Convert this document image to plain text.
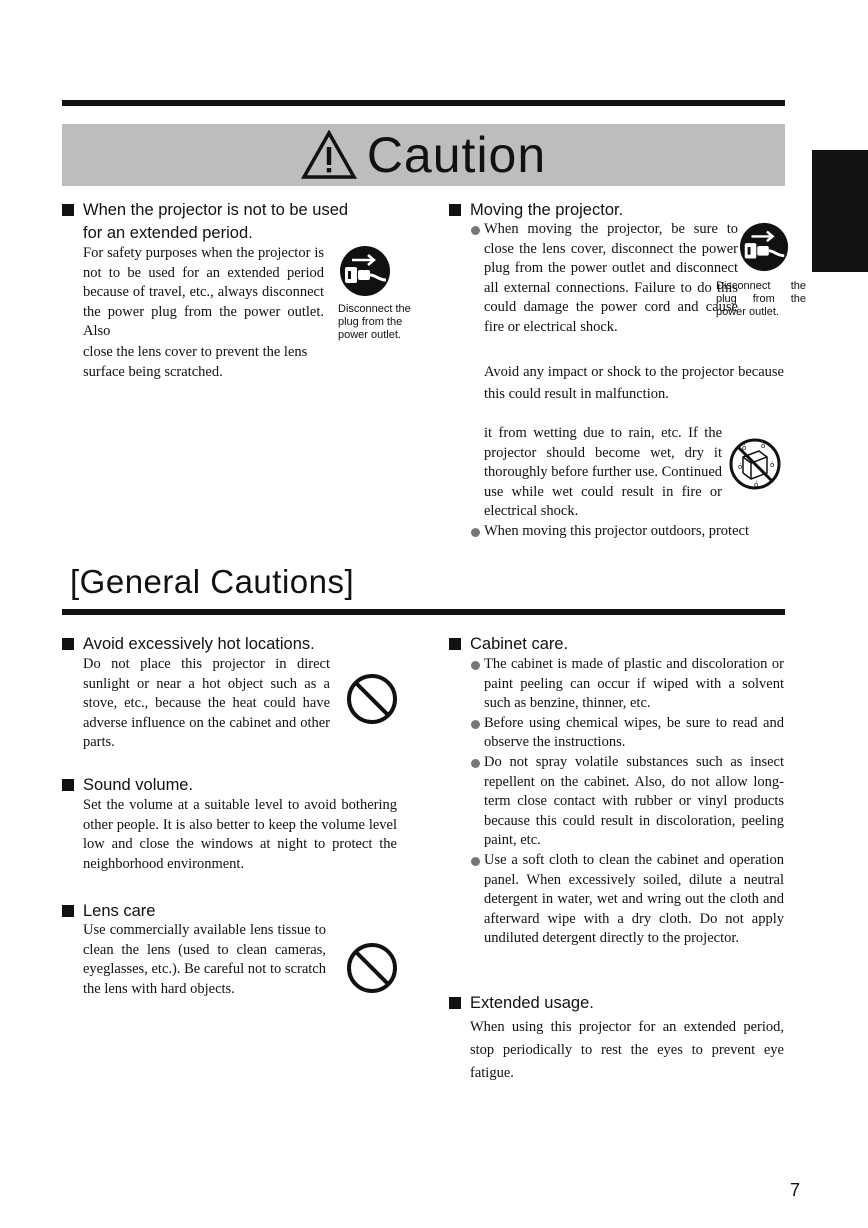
Caution
When the projector is not to be used
for an extended period.
For safety purposes when the projector is not to be used for an extended period because of travel, etc., always disconnect the power plug from the power outlet. Also
close the lens cover to prevent the lens surface being scratched.
Disconnect the plug from the power outlet.
Moving the projector.
When moving the projector, be sure to close the lens cover, disconnect the power plug from the power outlet and disconnect all external connections. Failure to do this could damage the power cord and cause fire or electrical shock.
Disconnect the plug from the power outlet.
Avoid any impact or shock to the projector because this could result in malfunction.
When moving this projector outdoors, protect
it from wetting due to rain, etc. If the projector should become wet, dry it thoroughly before further use. Continued use while wet could result in fire or electrical shock.
ó ó
ó	ó
ó
[General Cautions]
Avoid excessively hot locations.
Do not place this projector in direct sunlight or near a hot object such as a stove, etc., because the heat could have adverse influence on the cabinet and other parts.
Sound volume.
Set the volume at a suitable level to avoid bothering other people. It is also better to keep the volume level low and close the windows at night to protect the neighborhood environment.
Lens care
Use commercially available lens tissue to clean the lens (used to clean cameras, eyeglasses, etc.). Be careful not to scratch the lens with hard objects.
Cabinet care.
The cabinet is made of plastic and discoloration or paint peeling can occur if wiped with a solvent such as benzine, thinner, etc.
Before using chemical wipes, be sure to read and observe the instructions.
Do not spray volatile substances such as insect repellent on the cabinet. Also, do not allow long-term close contact with rubber or vinyl products because this could result in discoloration, peeling paint, etc.
Use a soft cloth to clean the cabinet and operation panel. When excessively soiled, dilute a neutral detergent in water, wet and wring out the cloth and afterward wipe with a dry cloth. Do not apply undiluted detergent directly to the projector.
Extended usage.
When using this projector for an extended period, stop periodically to rest the eyes to prevent eye fatigue.
7
